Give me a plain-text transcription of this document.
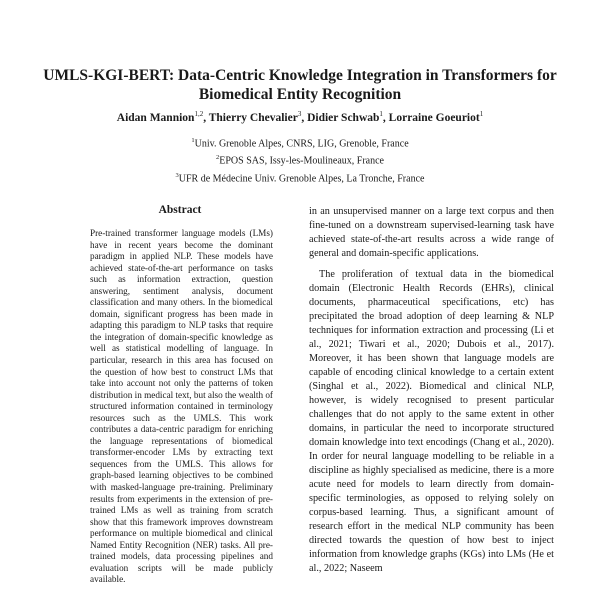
UMLS-KGI-BERT: Data-Centric Knowledge Integration in Transformers for Biomedical Entity Recognition
Aidan Mannion$^{1,2}$, Thierry Chevalier$^3$, Didier Schwab$^1$, Lorraine Goeuriot$^1$
$^1$Univ. Grenoble Alpes, CNRS, LIG, Grenoble, France
$^2$EPOS SAS, Issy-les-Moulineaux, France
$^3$UFR de Médecine Univ. Grenoble Alpes, La Tronche, France
Abstract

Pre-trained transformer language models (LMs) have in recent years become the dominant paradigm in applied NLP. These models have achieved state-of-the-art performance on tasks such as information extraction, question answering, sentiment analysis, document classification and many others. In the biomedical domain, significant progress has been made in adapting this paradigm to NLP tasks that require the integration of domain-specific knowledge as well as statistical modelling of language. In particular, research in this area has focused on the question of how best to construct LMs that take into account not only the patterns of token distribution in medical text, but also the wealth of structured information contained in terminology resources such as the UMLS. This work contributes a data-centric paradigm for enriching the language representations of biomedical transformer-encoder LMs by extracting text sequences from the UMLS. This allows for graph-based learning objectives to be combined with masked-language pre-training. Preliminary results from experiments in the extension of pre-trained LMs as well as training from scratch show that this framework improves downstream performance on multiple biomedical and clinical Named Entity Recognition (NER) tasks. All pre-trained models, data processing pipelines and evaluation scripts will be made publicly available.

in an unsupervised manner on a large text corpus and then fine-tuned on a downstream supervised-learning task have achieved state-of-the-art results across a wide range of general and domain-specific applications.

The proliferation of textual data in the biomedical domain (Electronic Health Records (EHRs), clinical documents, pharmaceutical specifications, etc) has precipitated the broad adoption of deep learning & NLP techniques for information extraction and processing (Li et al., 2021; Tiwari et al., 2020; Dubois et al., 2017). Moreover, it has been shown that language models are capable of encoding clinical knowledge to a certain extent (Singhal et al., 2022). Biomedical and clinical NLP, however, is widely recognised to present particular challenges that do not apply to the same extent in other domains, in particular the need to incorporate structured domain knowledge into text encodings (Chang et al., 2020). In order for neural language modelling to be reliable in a discipline as highly specialised as medicine, there is a more acute need for models to learn directly from domain-specific terminologies, as opposed to relying solely on corpus-based learning. Thus, a significant amount of research effort in the medical NLP community has been directed towards the question of how best to inject information from knowledge graphs (KGs) into LMs (He et al., 2022; Naseem
